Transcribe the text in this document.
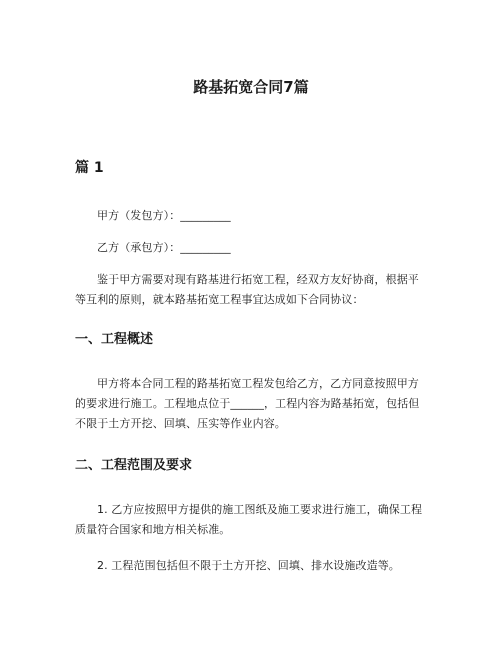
路基拓宽合同7篇
篇 1

甲方（发包方）：_________

乙方（承包方）：_________

鉴于甲方需要对现有路基进行拓宽工程，经双方友好协商，根据平等互利的原则，就本路基拓宽工程事宜达成如下合同协议：

一、工程概述

甲方将本合同工程的路基拓宽工程发包给乙方，乙方同意按照甲方的要求进行施工。工程地点位于______，工程内容为路基拓宽，包括但不限于土方开挖、回填、压实等作业内容。

二、工程范围及要求

1. 乙方应按照甲方提供的施工图纸及施工要求进行施工，确保工程质量符合国家和地方相关标准。

2. 工程范围包括但不限于土方开挖、回填、排水设施改造等。
